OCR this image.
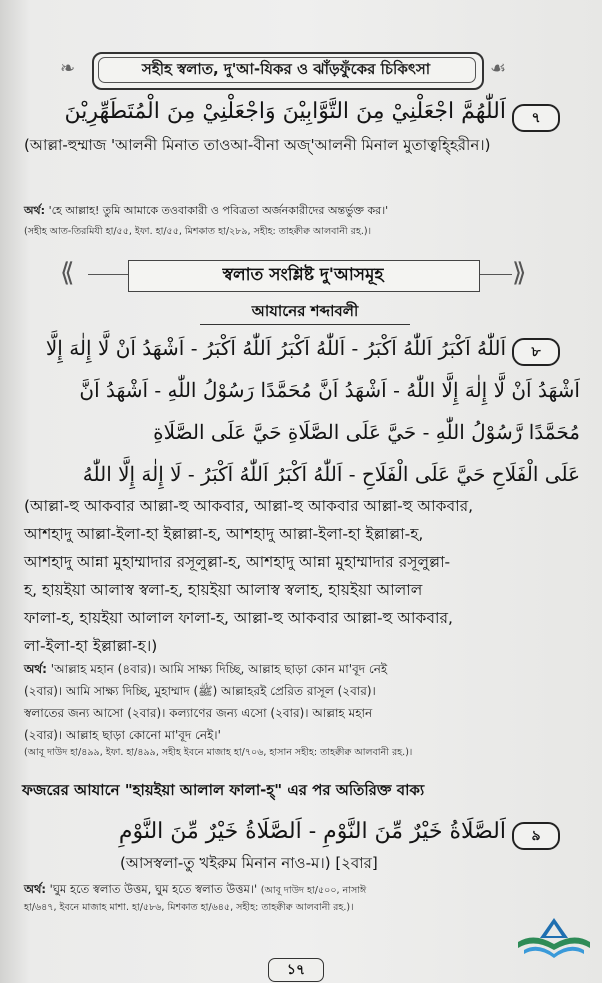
❧	☙
সহীহ স্বলাত, দু'আ-যিকর ও ঝাঁড়ফুঁকের চিকিৎসা
৭
اَللّٰهُمَّ اجْعَلْنِيْ مِنَ التَّوَّابِيْنَ وَاجْعَلْنِيْ مِنَ الْمُتَطَهِّرِيْنَ
(আল্লা-হুম্মাজ 'আলনী মিনাত তাওআ-বীনা অজ্'আলনী মিনাল মুতাত্বহ্হিরীন।)
অর্থ: 'হে আল্লাহ! তুমি আমাকে তওবাকারী ও পবিত্রতা অর্জনকারীদের অন্তর্ভুক্ত কর।'
(সহীহ আত-তিরমিযী হা/৫৫, ইফা. হা/৫৫, মিশকাত হা/২৮৯, সহীহ: তাহক্বীক্ব আলবানী রহ.)।
⟪	⟫
স্বলাত সংশ্লিষ্ট দু'আসমূহ
আযানের শব্দাবলী
৮
اَللّٰهُ اَكْبَرُ اَللّٰهُ اَكْبَرُ - اَللّٰهُ اَكْبَرُ اَللّٰهُ اَكْبَرُ - اَشْهَدُ اَنْ لَّا إِلٰهَ إِلَّا
اَشْهَدُ اَنْ لَّا إِلٰهَ إِلَّا اللّٰهُ - اَشْهَدُ اَنَّ مُحَمَّدًا رَسُوْلُ اللّٰهِ - اَشْهَدُ اَنَّ
مُحَمَّدًا رَّسُوْلُ اللّٰهِ - حَيَّ عَلَى الصَّلَاةِ حَيَّ عَلَى الصَّلَاةِ
عَلَى الْفَلَاحِ حَيَّ عَلَى الْفَلَاحِ - اَللّٰهُ اَكْبَرُ اَللّٰهُ اَكْبَرُ - لَا إِلٰهَ إِلَّا اللّٰهُ
(আল্লা-হু আকবার আল্লা-হু আকবার, আল্লা-হু আকবার আল্লা-হু আকবার,
আশহাদু আল্লা-ইলা-হা ইল্লাল্লা-হ, আশহাদু আল্লা-ইলা-হা ইল্লাল্লা-হ,
আশহাদু আন্না মুহাম্মাদার রসূলুল্লা-হ, আশহাদু আন্না মুহাম্মাদার রসূলুল্লা-
হ, হায়ইয়া আলাস্ব স্বলা-হ, হায়ইয়া আলাস্ব স্বলাহ, হায়ইয়া আলাল
ফালা-হ, হায়ইয়া আলাল ফালা-হ, আল্লা-হু আকবার আল্লা-হু আকবার,
লা-ইলা-হা ইল্লাল্লা-হ।)
অর্থ: 'আল্লাহ মহান (৪বার)। আমি সাক্ষ্য দিচ্ছি, আল্লাহ ছাড়া কোন মা'বূদ নেই
(২বার)। আমি সাক্ষ্য দিচ্ছি, মুহাম্মাদ (ﷺ) আল্লাহরই প্রেরিত রাসূল (২বার)।
স্বলাতের জন্য আসো (২বার)। কল্যাণের জন্য এসো (২বার)। আল্লাহ মহান
(২বার)। আল্লাহ ছাড়া কোনো মা'বূদ নেই।'
(আবূ দাউদ হা/৪৯৯, ইফা. হা/৪৯৯, সহীহ ইবনে মাজাহ হা/৭০৬, হাসান সহীহ: তাহক্বীক্ব আলবানী রহ.)।
ফজরের আযানে "হায়ইয়া আলাল ফালা-হ্" এর পর অতিরিক্ত বাক্য
৯
اَلصَّلَاةُ خَيْرٌ مِّنَ النَّوْمِ - اَلصَّلَاةُ خَيْرٌ مِّنَ النَّوْمِ
(আসস্বলা-তু খইরুম মিনান নাও-ম।) [২বার]
অর্থ: 'ঘুম হতে স্বলাত উত্তম, ঘুম হতে স্বলাত উত্তম।' (আবূ দাউদ হা/৫০০, নাসাঈ
হা/৬৪৭, ইবনে মাজাহ মাশা. হা/৫৮৬, মিশকাত হা/৬৪৫, সহীহ: তাহক্বীক্ব আলবানী রহ.)।
১৭
